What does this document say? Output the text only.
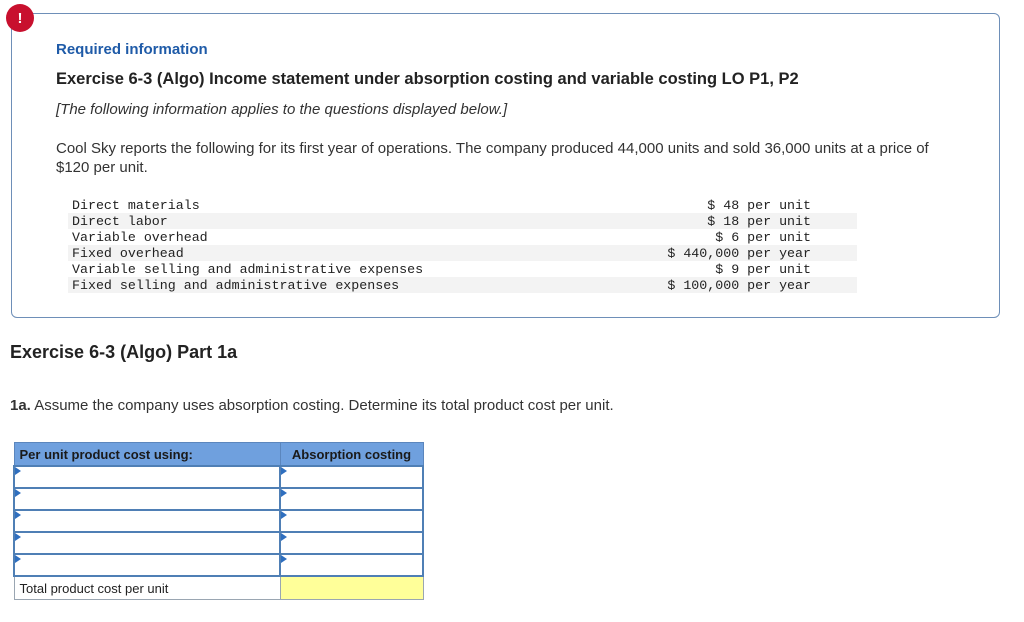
!
Required information
Exercise 6-3 (Algo) Income statement under absorption costing and variable costing LO P1, P2
[The following information applies to the questions displayed below.]
Cool Sky reports the following for its first year of operations. The company produced 44,000 units and sold 36,000 units at a price of $120 per unit.
Direct materials	$ 48 per unit
Direct labor	$ 18 per unit
Variable overhead	$ 6 per unit
Fixed overhead	$ 440,000 per year
Variable selling and administrative expenses	$ 9 per unit
Fixed selling and administrative expenses	$ 100,000 per year
Exercise 6-3 (Algo) Part 1a
1a. Assume the company uses absorption costing. Determine its total product cost per unit.
Per unit product cost using:	Absorption costing

Total product cost per unit	
